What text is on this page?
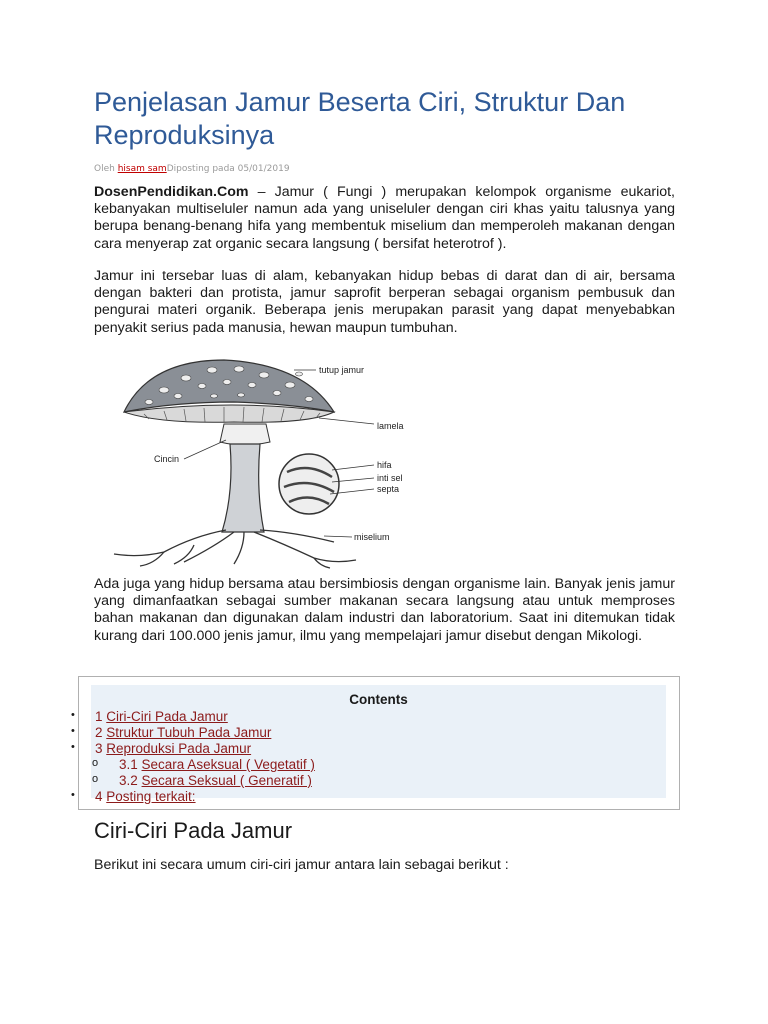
Penjelasan Jamur Beserta Ciri, Struktur Dan Reproduksinya
Oleh hisam samDiposting pada 05/01/2019

DosenPendidikan.Com – Jamur ( Fungi ) merupakan kelompok organisme eukariot, kebanyakan multiseluler namun ada yang uniseluler dengan ciri khas yaitu talusnya yang berupa benang-benang hifa yang membentuk miselium dan memperoleh makanan dengan cara menyerap zat organic secara langsung ( bersifat heterotrof ).

Jamur ini tersebar luas di alam, kebanyakan hidup bebas di darat dan di air, bersama dengan bakteri dan protista, jamur saprofit berperan sebagai organism pembusuk dan pengurai materi organik. Beberapa jenis merupakan parasit yang dapat menyebabkan penyakit serius pada manusia, hewan maupun tumbuhan.

tutup jamur
lamela
Cincin
hifa
inti sel
septa
miselium

Ada juga yang hidup bersama atau bersimbiosis dengan organisme lain. Banyak jenis jamur yang dimanfaatkan sebagai sumber makanan secara langsung atau untuk memproses bahan makanan dan digunakan dalam industri dan laboratorium. Saat ini ditemukan tidak kurang dari 100.000 jenis jamur, ilmu yang mempelajari jamur disebut dengan Mikologi.

Ciri-Ciri Pada Jamur
Berikut ini secara umum ciri-ciri jamur antara lain sebagai berikut :
Contents
• 1 Ciri-Ciri Pada Jamur
• 2 Struktur Tubuh Pada Jamur
• 3 Reproduksi Pada Jamur
o 3.1 Secara Aseksual ( Vegetatif )
o 3.2 Secara Seksual ( Generatif )
• 4 Posting terkait:
